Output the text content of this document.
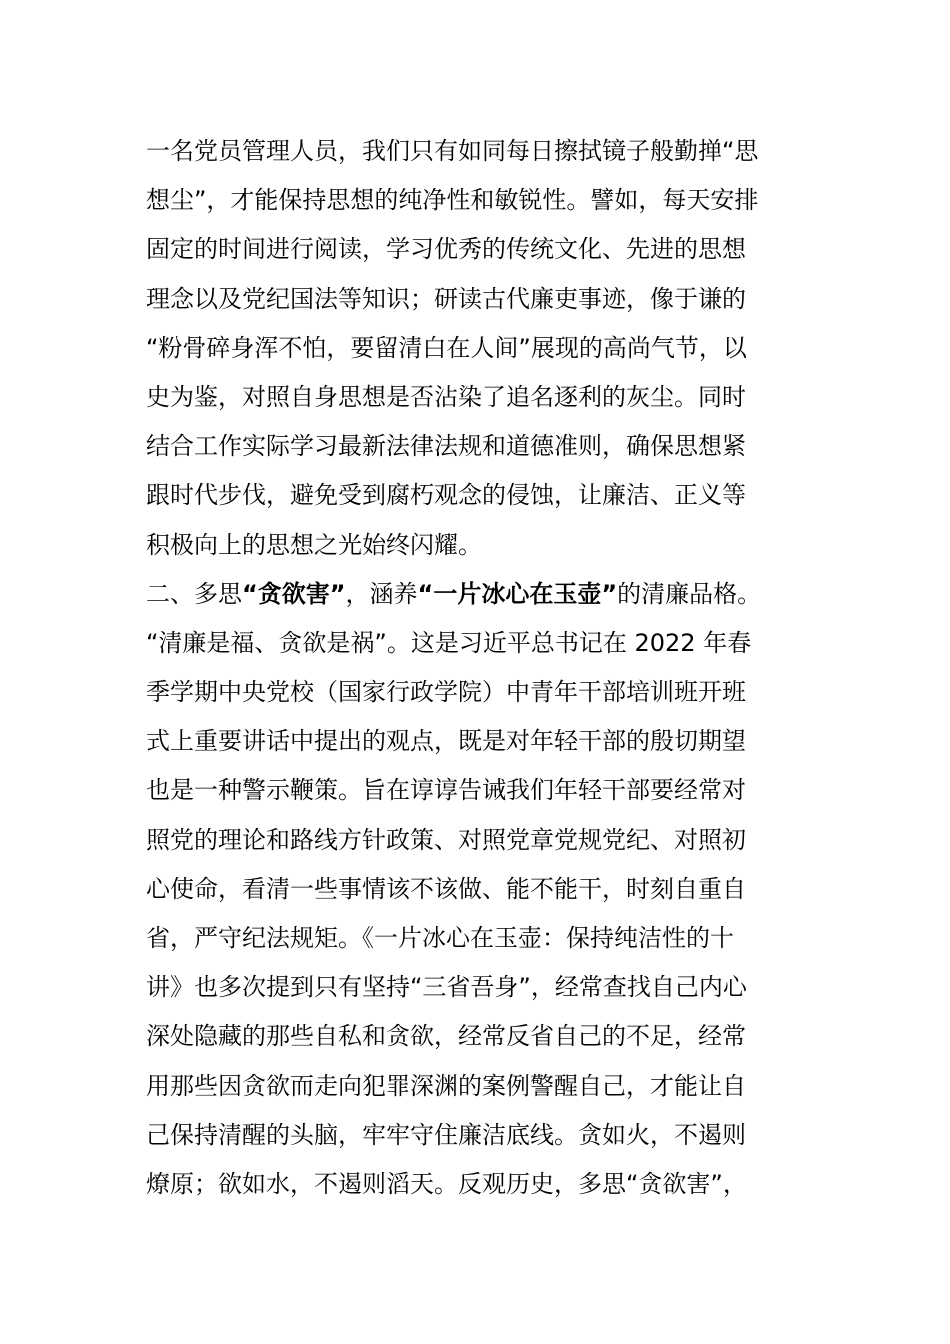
一名党员管理人员，我们只有如同每日擦拭镜子般勤掸“思
想尘”，才能保持思想的纯净性和敏锐性。譬如，每天安排
固定的时间进行阅读，学习优秀的传统文化、先进的思想
理念以及党纪国法等知识；研读古代廉吏事迹，像于谦的
“粉骨碎身浑不怕，要留清白在人间”展现的高尚气节，以
史为鉴，对照自身思想是否沾染了追名逐利的灰尘。同时
结合工作实际学习最新法律法规和道德准则，确保思想紧
跟时代步伐，避免受到腐朽观念的侵蚀，让廉洁、正义等
积极向上的思想之光始终闪耀。
二、多思“贪欲害”，涵养“一片冰心在玉壶”的清廉品格。
“清廉是福、贪欲是祸”。这是习近平总书记在 2022 年春
季学期中央党校（国家行政学院）中青年干部培训班开班
式上重要讲话中提出的观点，既是对年轻干部的殷切期望
也是一种警示鞭策。旨在谆谆告诫我们年轻干部要经常对
照党的理论和路线方针政策、对照党章党规党纪、对照初
心使命，看清一些事情该不该做、能不能干，时刻自重自
省，严守纪法规矩。《一片冰心在玉壶：保持纯洁性的十
讲》也多次提到只有坚持“三省吾身”，经常查找自己内心
深处隐藏的那些自私和贪欲，经常反省自己的不足，经常
用那些因贪欲而走向犯罪深渊的案例警醒自己，才能让自
己保持清醒的头脑，牢牢守住廉洁底线。贪如火，不遏则
燎原；欲如水，不遏则滔天。反观历史，多思“贪欲害”，
